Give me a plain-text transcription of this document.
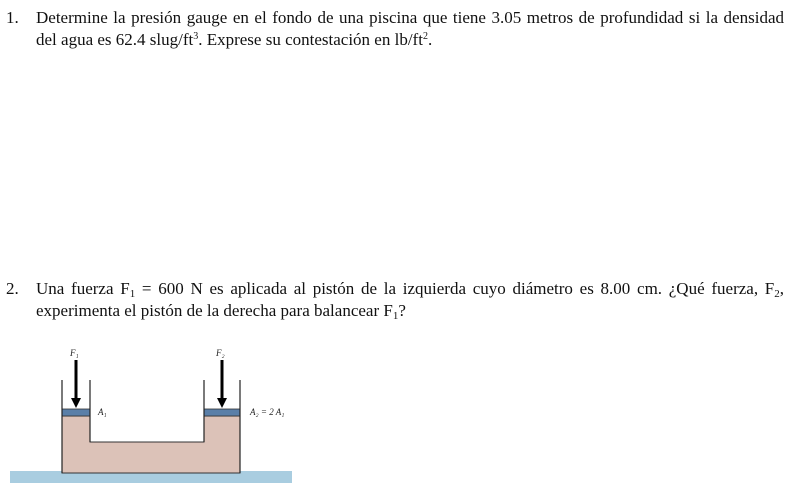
1. Determine la presión gauge en el fondo de una piscina que tiene 3.05 metros de profundidad si la densidad del agua es 62.4 slug/$ft^3$. Exprese su contestación en $lb/ft^2$.
2. Una fuerza $F_1 = 600$ N es aplicada al pistón de la izquierda cuyo diámetro es 8.00 cm. ¿Qué fuerza, $F_2$, experimenta el pistón de la derecha para balancear $F_1$?
F₁	F₂
A₁	A₂ = 2 A₁
